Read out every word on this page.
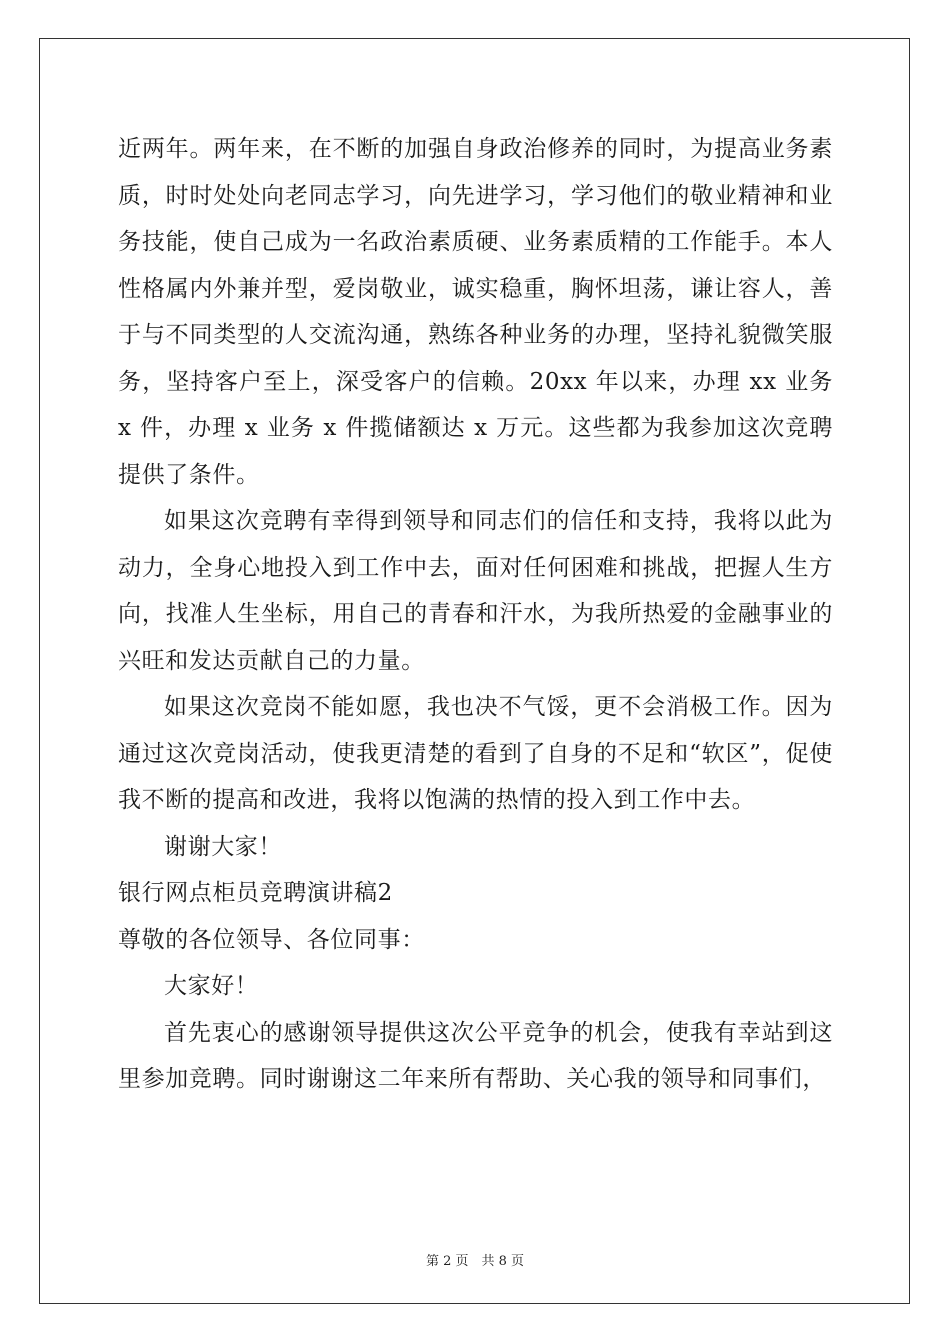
近两年。两年来，在不断的加强自身政治修养的同时，为提高业务素质，时时处处向老同志学习，向先进学习，学习他们的敬业精神和业务技能，使自己成为一名政治素质硬、业务素质精的工作能手。本人性格属内外兼并型，爱岗敬业，诚实稳重，胸怀坦荡，谦让容人，善于与不同类型的人交流沟通，熟练各种业务的办理，坚持礼貌微笑服务，坚持客户至上，深受客户的信赖。20xx 年以来，办理 xx 业务 x 件，办理 x 业务 x 件揽储额达 x 万元。这些都为我参加这次竞聘提供了条件。

如果这次竞聘有幸得到领导和同志们的信任和支持，我将以此为动力，全身心地投入到工作中去，面对任何困难和挑战，把握人生方向，找准人生坐标，用自己的青春和汗水，为我所热爱的金融事业的兴旺和发达贡献自己的力量。

如果这次竞岗不能如愿，我也决不气馁，更不会消极工作。因为通过这次竞岗活动，使我更清楚的看到了自身的不足和“软区”，促使我不断的提高和改进，我将以饱满的热情的投入到工作中去。

谢谢大家！

银行网点柜员竞聘演讲稿2

尊敬的各位领导、各位同事：

大家好！

首先衷心的感谢领导提供这次公平竞争的机会，使我有幸站到这里参加竞聘。同时谢谢这二年来所有帮助、关心我的领导和同事们，

第 2 页　共 8 页
